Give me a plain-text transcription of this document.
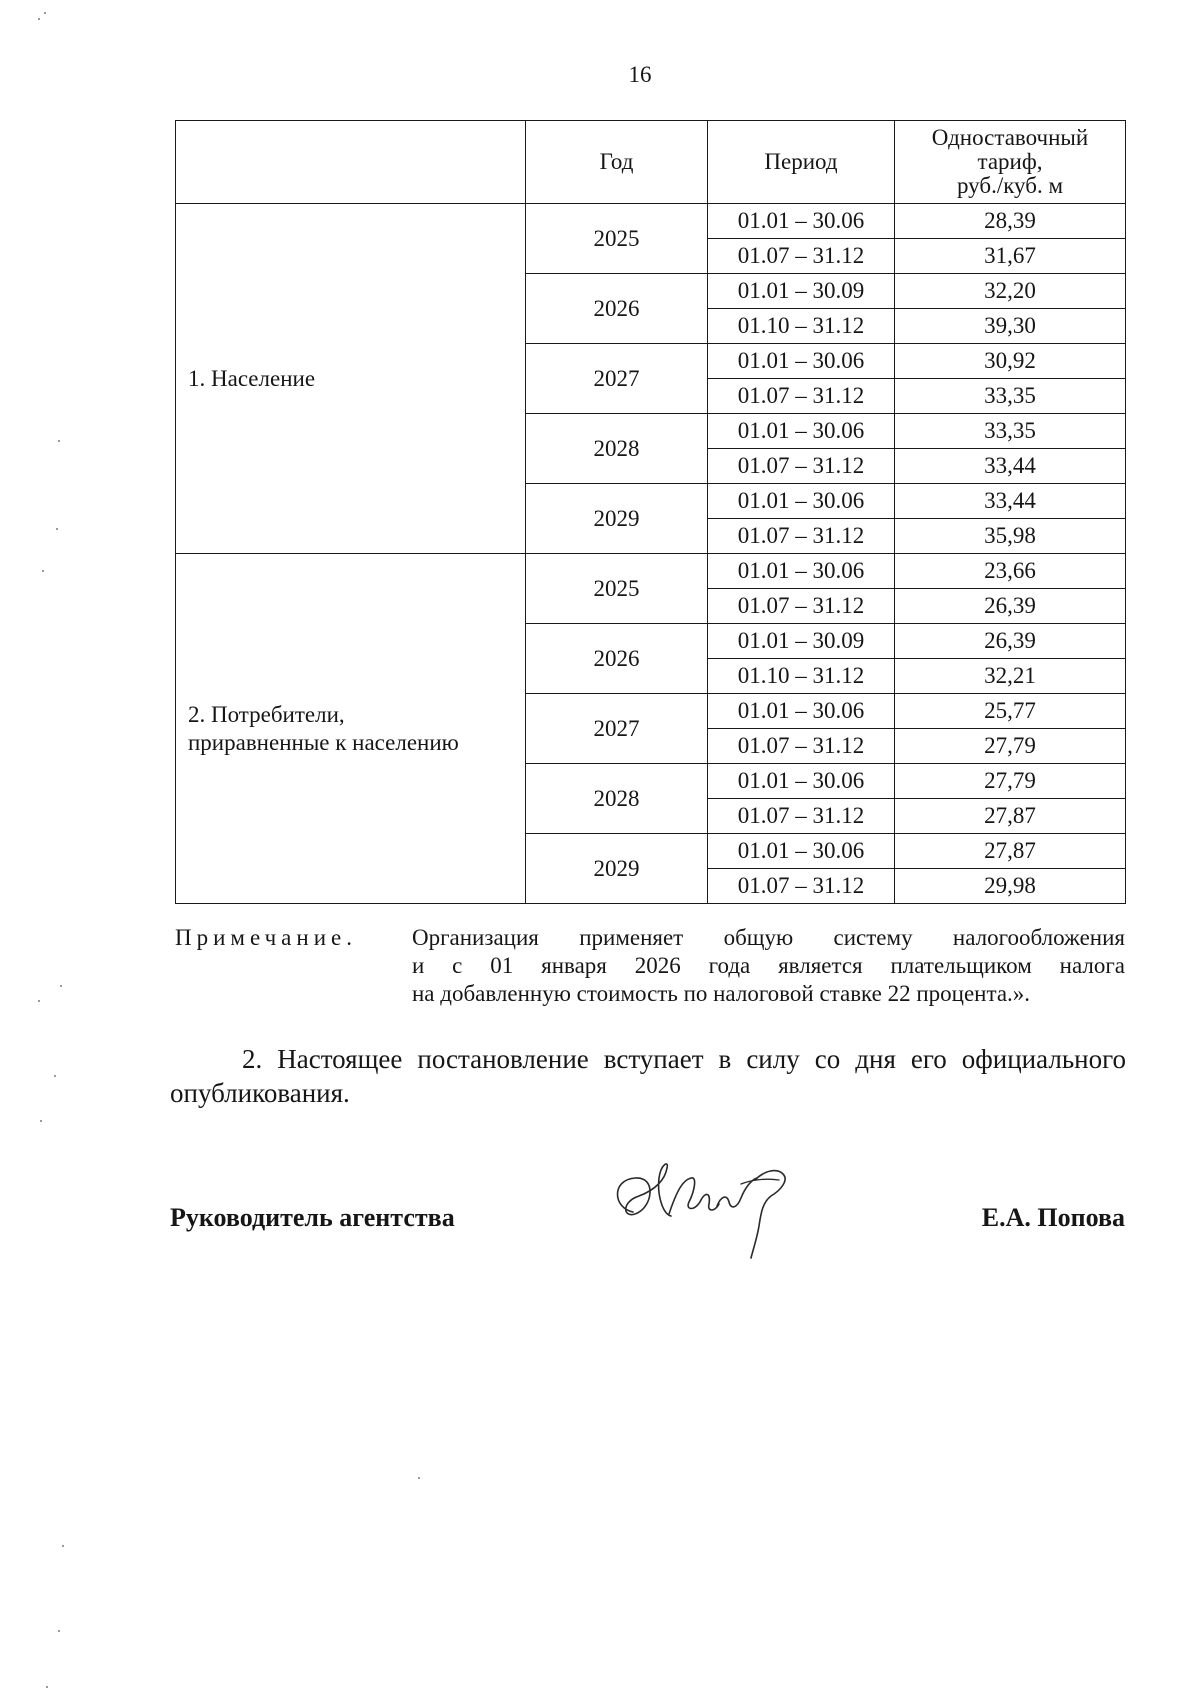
16
	Год	Период	Одноставочный
тариф,
руб./куб. м
1. Население	2025	01.01 – 30.06	28,39
		01.07 – 31.12	31,67
	2026	01.01 – 30.09	32,20
		01.10 – 31.12	39,30
	2027	01.01 – 30.06	30,92
		01.07 – 31.12	33,35
	2028	01.01 – 30.06	33,35
		01.07 – 31.12	33,44
	2029	01.01 – 30.06	33,44
		01.07 – 31.12	35,98
2. Потребители,
приравненные к населению	2025	01.01 – 30.06	23,66
		01.07 – 31.12	26,39
	2026	01.01 – 30.09	26,39
		01.10 – 31.12	32,21
	2027	01.01 – 30.06	25,77
		01.07 – 31.12	27,79
	2028	01.01 – 30.06	27,79
		01.07 – 31.12	27,87
	2029	01.01 – 30.06	27,87
		01.07 – 31.12	29,98
Примечание. Организация применяет общую систему налогообложения
и с 01 января 2026 года является плательщиком налога
на добавленную стоимость по налоговой ставке 22 процента.».
2. Настоящее постановление вступает в силу со дня его официального
опубликования.
Руководитель агентства	Е.А. Попова
